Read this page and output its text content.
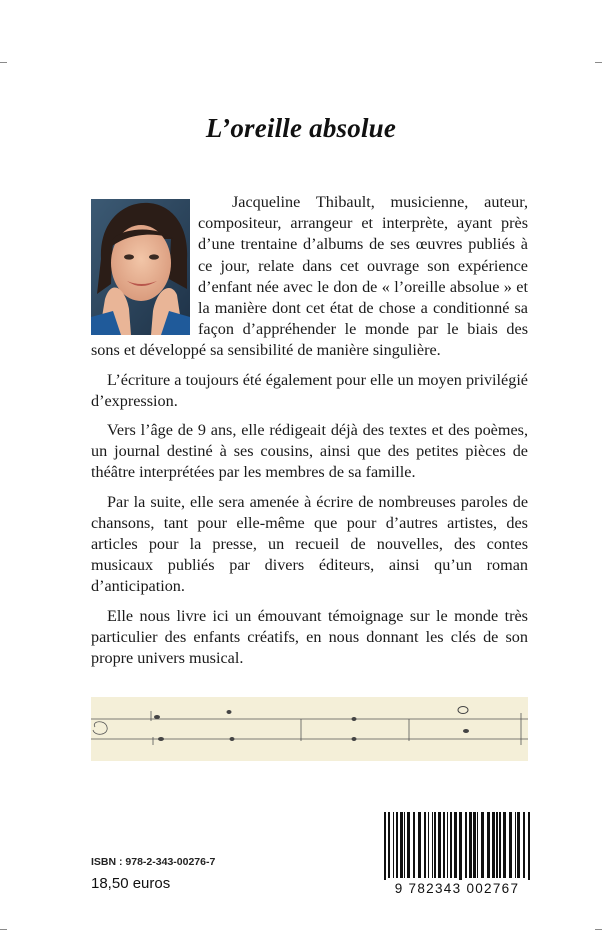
L’oreille absolue

Jacqueline Thibault, musicienne, auteur, compositeur, arrangeur et interprète, ayant près d’une trentaine d’albums de ses œuvres publiés à ce jour, relate dans cet ouvrage son expérience d’enfant née avec le don de « l’oreille absolue » et la manière dont cet état de chose a conditionné sa façon d’appréhender le monde par le biais des sons et développé sa sensibilité de manière singulière.

L’écriture a toujours été également pour elle un moyen privilégié d’expression.

Vers l’âge de 9 ans, elle rédigeait déjà des textes et des poèmes, un journal destiné à ses cousins, ainsi que des petites pièces de théâtre interprétées par les membres de sa famille.

Par la suite, elle sera amenée à écrire de nombreuses paroles de chansons, tant pour elle-même que pour d’autres artistes, des articles pour la presse, un recueil de nouvelles, des contes musicaux publiés par divers éditeurs, ainsi qu’un roman d’anticipation.

Elle nous livre ici un émouvant témoignage sur le monde très particulier des enfants créatifs, en nous donnant les clés de son propre univers musical.

ISBN : 978-2-343-00276-7
18,50 euros	9 782343 002767
